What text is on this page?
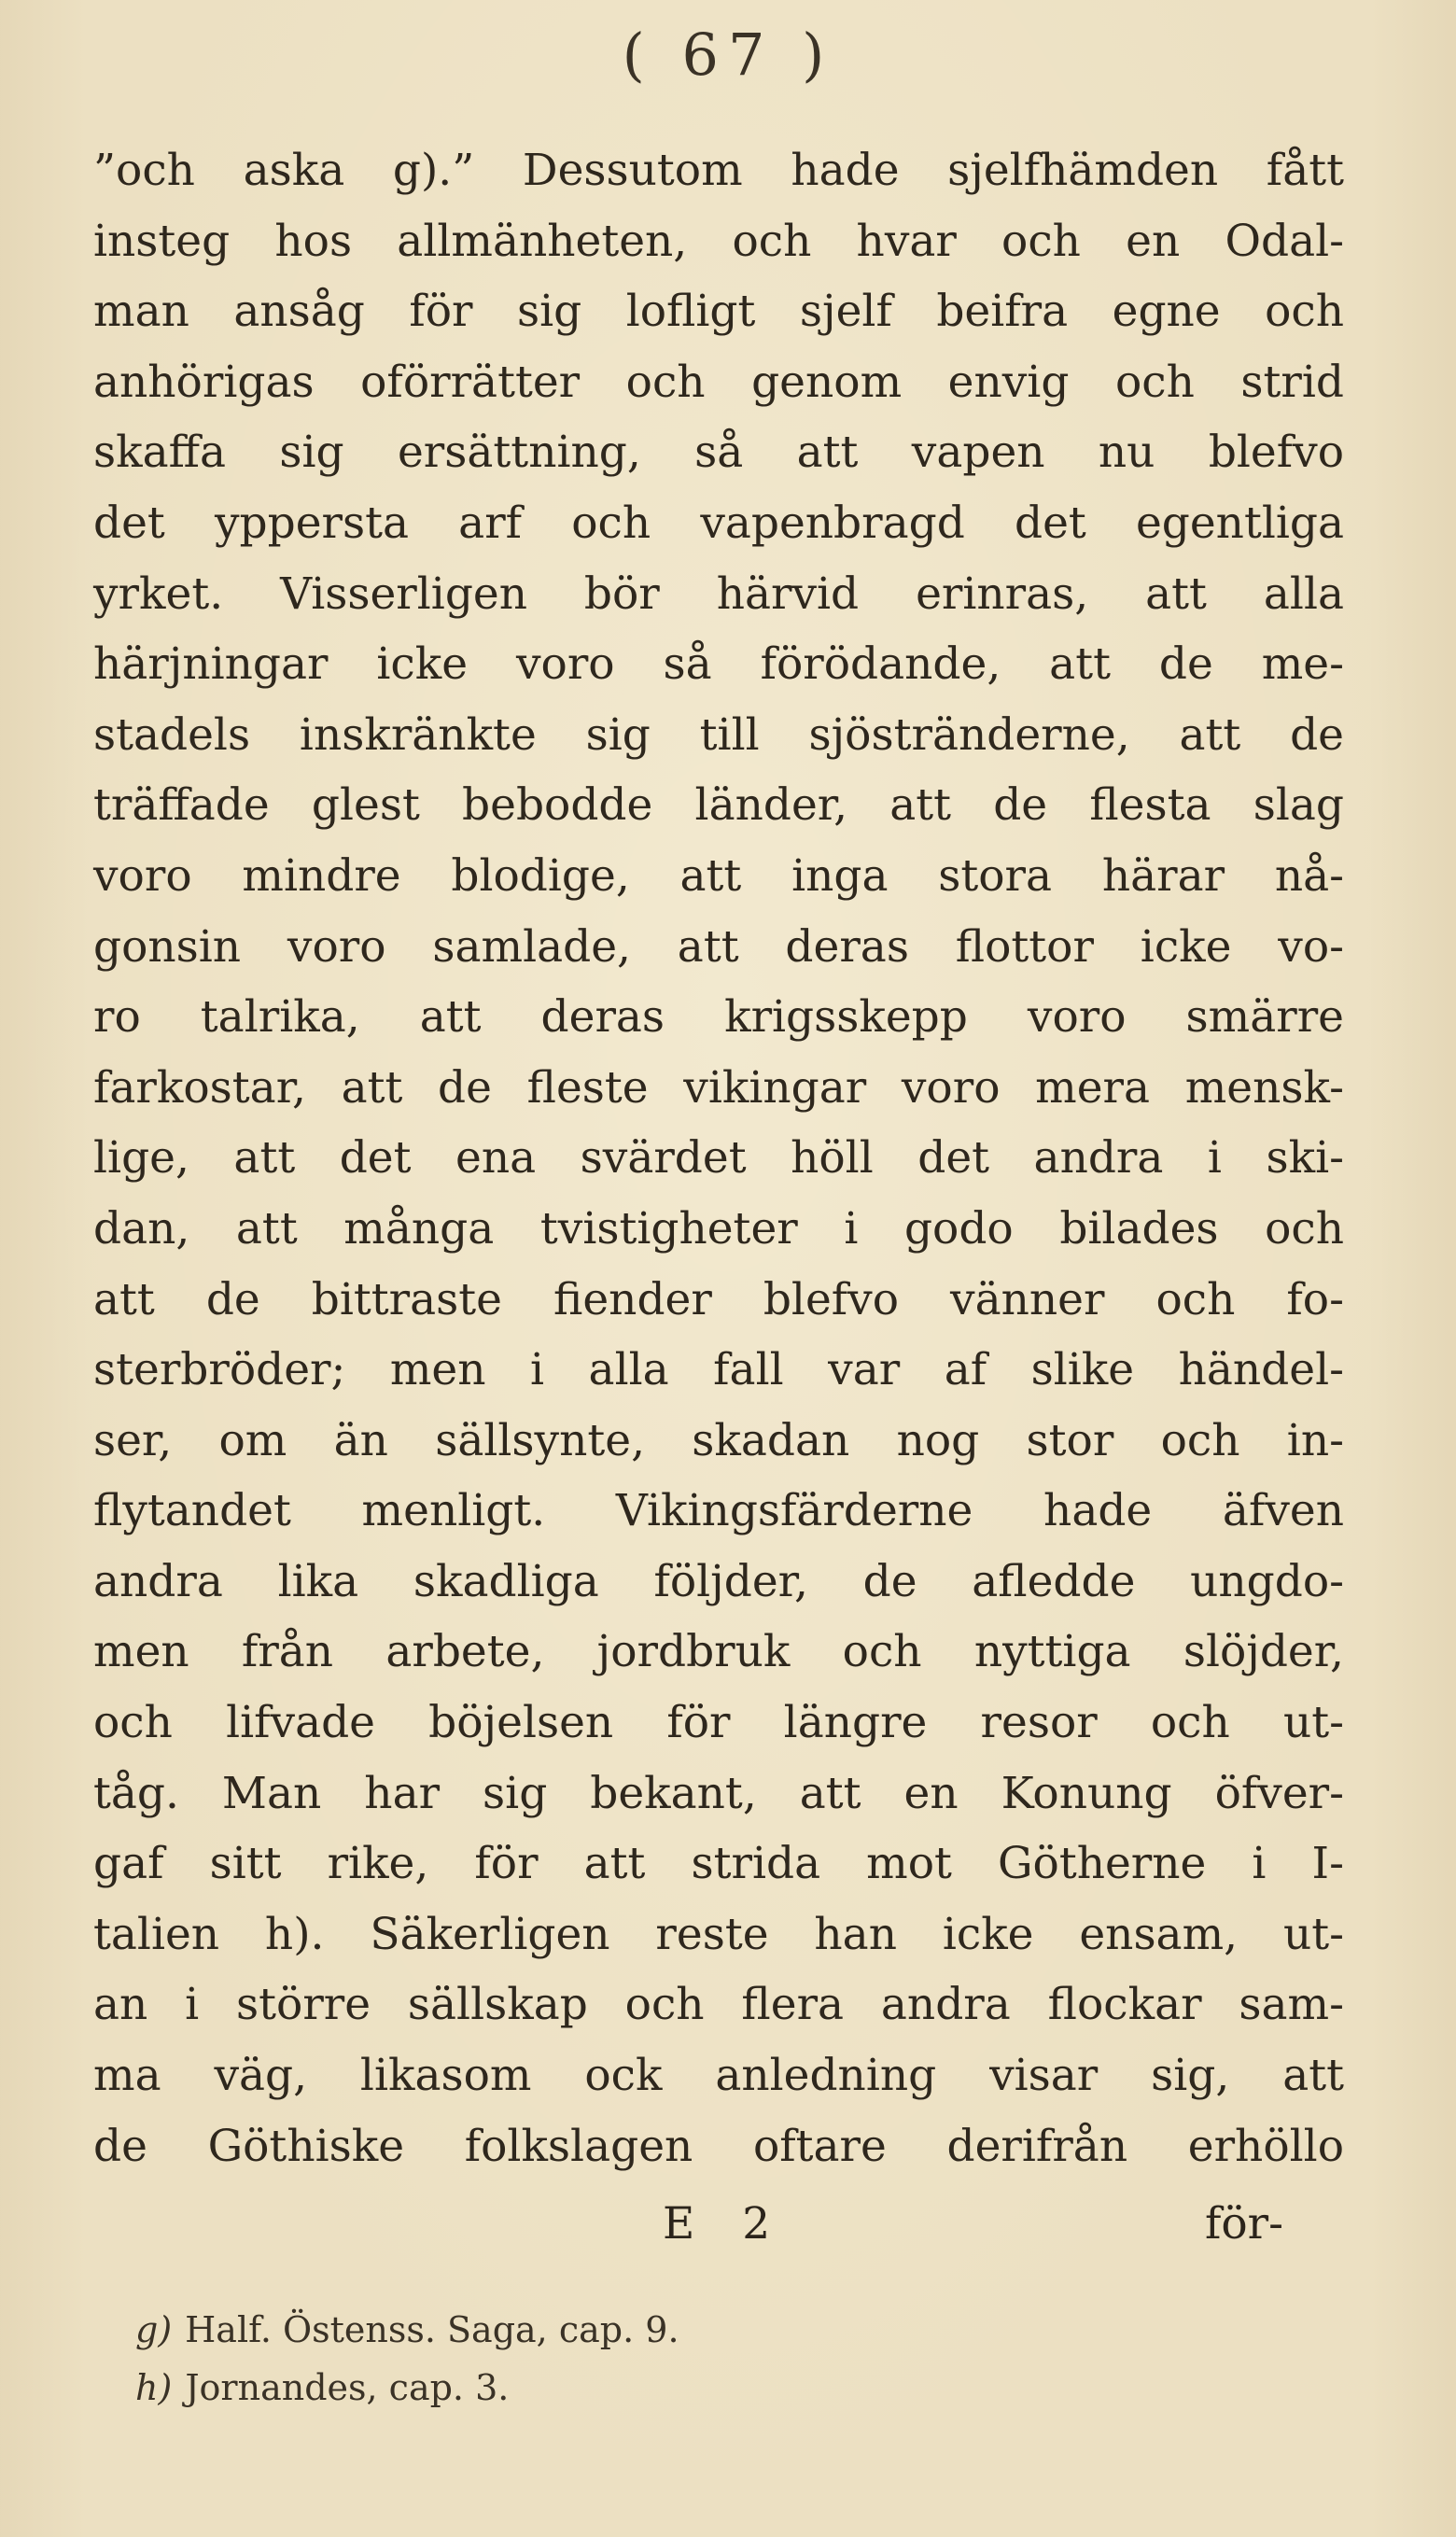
( 67 )
”och aska g).” Dessutom hade sjelfhämden fått
insteg hos allmänheten, och hvar och en Odal-
man ansåg för sig lofligt sjelf beifra egne och
anhörigas oförrätter och genom envig och strid
skaffa sig ersättning, så att vapen nu blefvo
det yppersta arf och vapenbragd det egentliga
yrket. Visserligen bör härvid erinras, att alla
härjningar icke voro så förödande, att de me-
stadels inskränkte sig till sjöstränderne, att de
träffade glest bebodde länder, att de flesta slag
voro mindre blodige, att inga stora härar nå-
gonsin voro samlade, att deras flottor icke vo-
ro talrika, att deras krigsskepp voro smärre
farkostar, att de fleste vikingar voro mera mensk-
lige, att det ena svärdet höll det andra i ski-
dan, att många tvistigheter i godo bilades och
att de bittraste fiender blefvo vänner och fo-
sterbröder; men i alla fall var af slike händel-
ser, om än sällsynte, skadan nog stor och in-
flytandet menligt. Vikingsfärderne hade äfven
andra lika skadliga följder, de afledde ungdo-
men från arbete, jordbruk och nyttiga slöjder,
och lifvade böjelsen för längre resor och ut-
tåg. Man har sig bekant, att en Konung öfver-
gaf sitt rike, för att strida mot Götherne i I-
talien h). Säkerligen reste han icke ensam, ut-
an i större sällskap och flera andra flockar sam-
ma väg, likasom ock anledning visar sig, att
de Göthiske folkslagen oftare derifrån erhöllo
E 2	för-
g) Half. Östenss. Saga, cap. 9.
h) Jornandes, cap. 3.
